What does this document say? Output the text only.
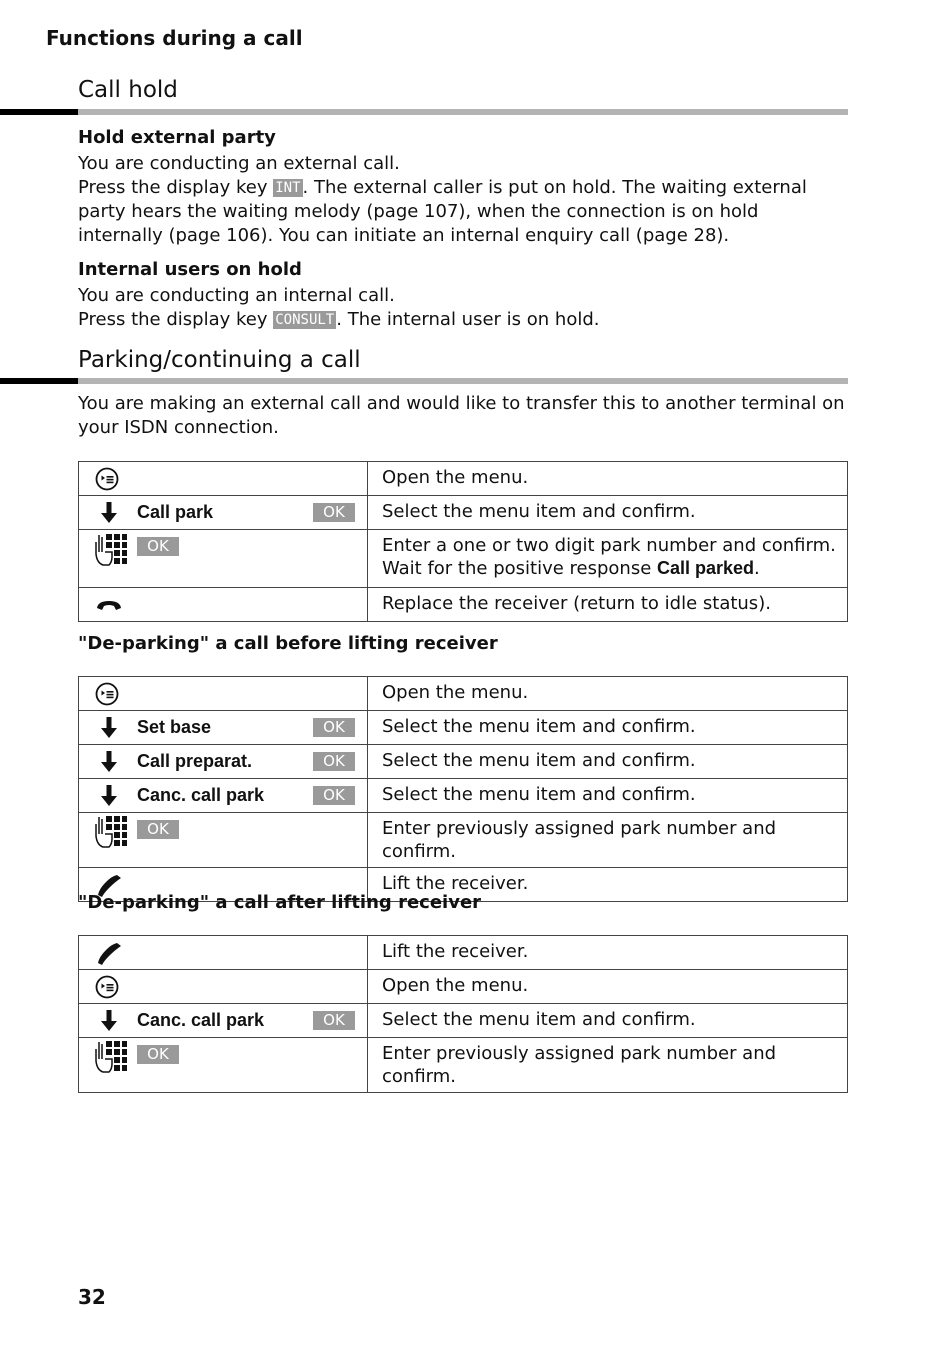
Functions during a call
Call hold
Hold external party

You are conducting an external call.

Press the display key INT . The external caller is put on hold. The waiting external party hears the waiting melody (page 107), when the connection is on hold internally (page 106). You can initiate an internal enquiry call (page 28).

Internal users on hold

You are conducting an internal call.

Press the display key CONSULT . The internal user is on hold.

Parking/continuing a call
You are making an external call and would like to transfer this to another terminal on your ISDN connection.
	Open the menu.

Call park OK	Select the menu item and confirm.

OK	Enter a one or two digit park number and confirm.
Wait for the positive response Call parked.

	Replace the receiver (return to idle status).
"De-parking" a call before lifting receiver
	Open the menu.

Set base OK	Select the menu item and confirm.

Call preparat. OK	Select the menu item and confirm.

Canc. call park OK	Select the menu item and confirm.

OK	Enter previously assigned park number and confirm.

	Lift the receiver.
"De-parking" a call after lifting receiver
	Lift the receiver.

	Open the menu.

Canc. call park OK	Select the menu item and confirm.

OK	Enter previously assigned park number and confirm.
32
